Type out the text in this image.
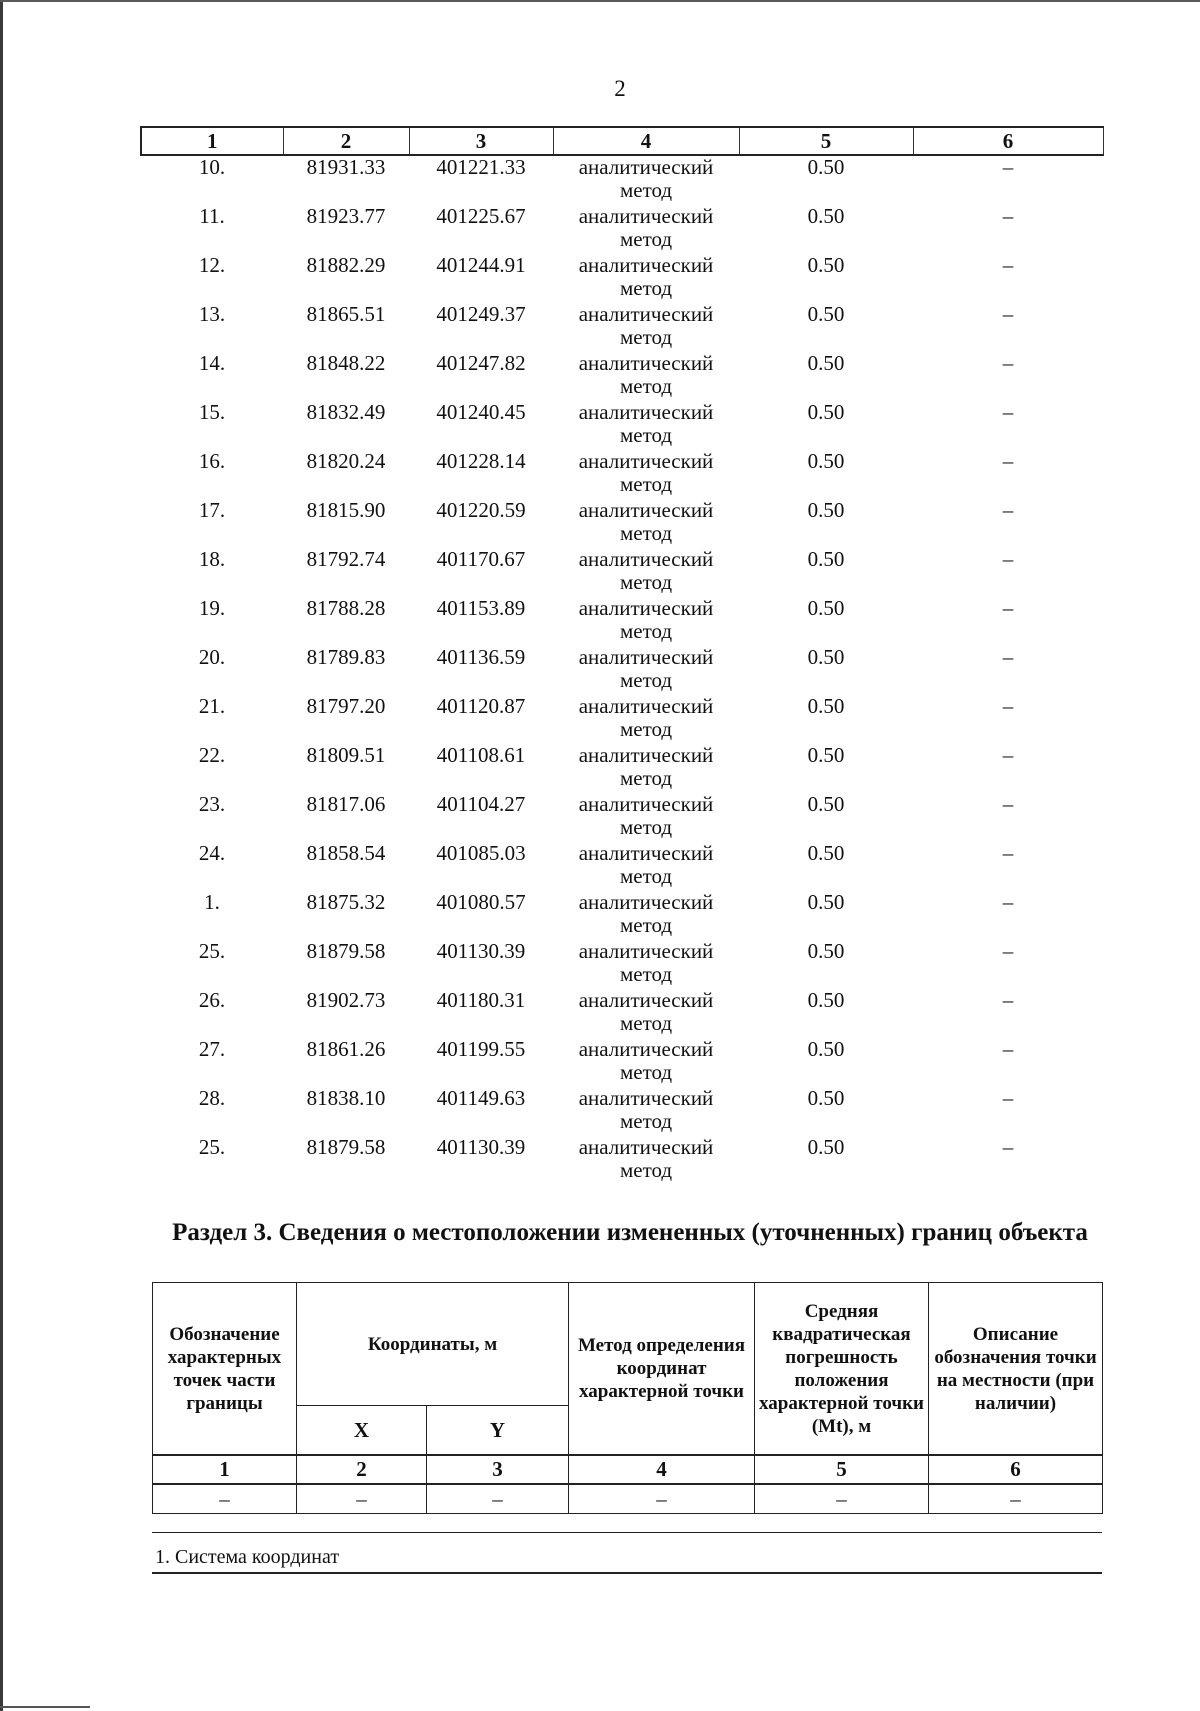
2
1	2	3	4	5	6
10.	81931.33	401221.33	аналитический
метод	0.50	–
11.	81923.77	401225.67	аналитический
метод	0.50	–
12.	81882.29	401244.91	аналитический
метод	0.50	–
13.	81865.51	401249.37	аналитический
метод	0.50	–
14.	81848.22	401247.82	аналитический
метод	0.50	–
15.	81832.49	401240.45	аналитический
метод	0.50	–
16.	81820.24	401228.14	аналитический
метод	0.50	–
17.	81815.90	401220.59	аналитический
метод	0.50	–
18.	81792.74	401170.67	аналитический
метод	0.50	–
19.	81788.28	401153.89	аналитический
метод	0.50	–
20.	81789.83	401136.59	аналитический
метод	0.50	–
21.	81797.20	401120.87	аналитический
метод	0.50	–
22.	81809.51	401108.61	аналитический
метод	0.50	–
23.	81817.06	401104.27	аналитический
метод	0.50	–
24.	81858.54	401085.03	аналитический
метод	0.50	–
1.	81875.32	401080.57	аналитический
метод	0.50	–
25.	81879.58	401130.39	аналитический
метод	0.50	–
26.	81902.73	401180.31	аналитический
метод	0.50	–
27.	81861.26	401199.55	аналитический
метод	0.50	–
28.	81838.10	401149.63	аналитический
метод	0.50	–
25.	81879.58	401130.39	аналитический
метод	0.50	–
Раздел 3. Сведения о местоположении измененных (уточненных) границ объекта
Обозначение характерных точек части границы	Координаты, м		Метод определения координат характерной точки	Средняя квадратическая погрешность положения характерной точки (Mt), м	Описание обозначения точки на местности (при наличии)
	X	Y			
1	2	3	4	5	6
–	–	–	–	–	–
1. Система координат
